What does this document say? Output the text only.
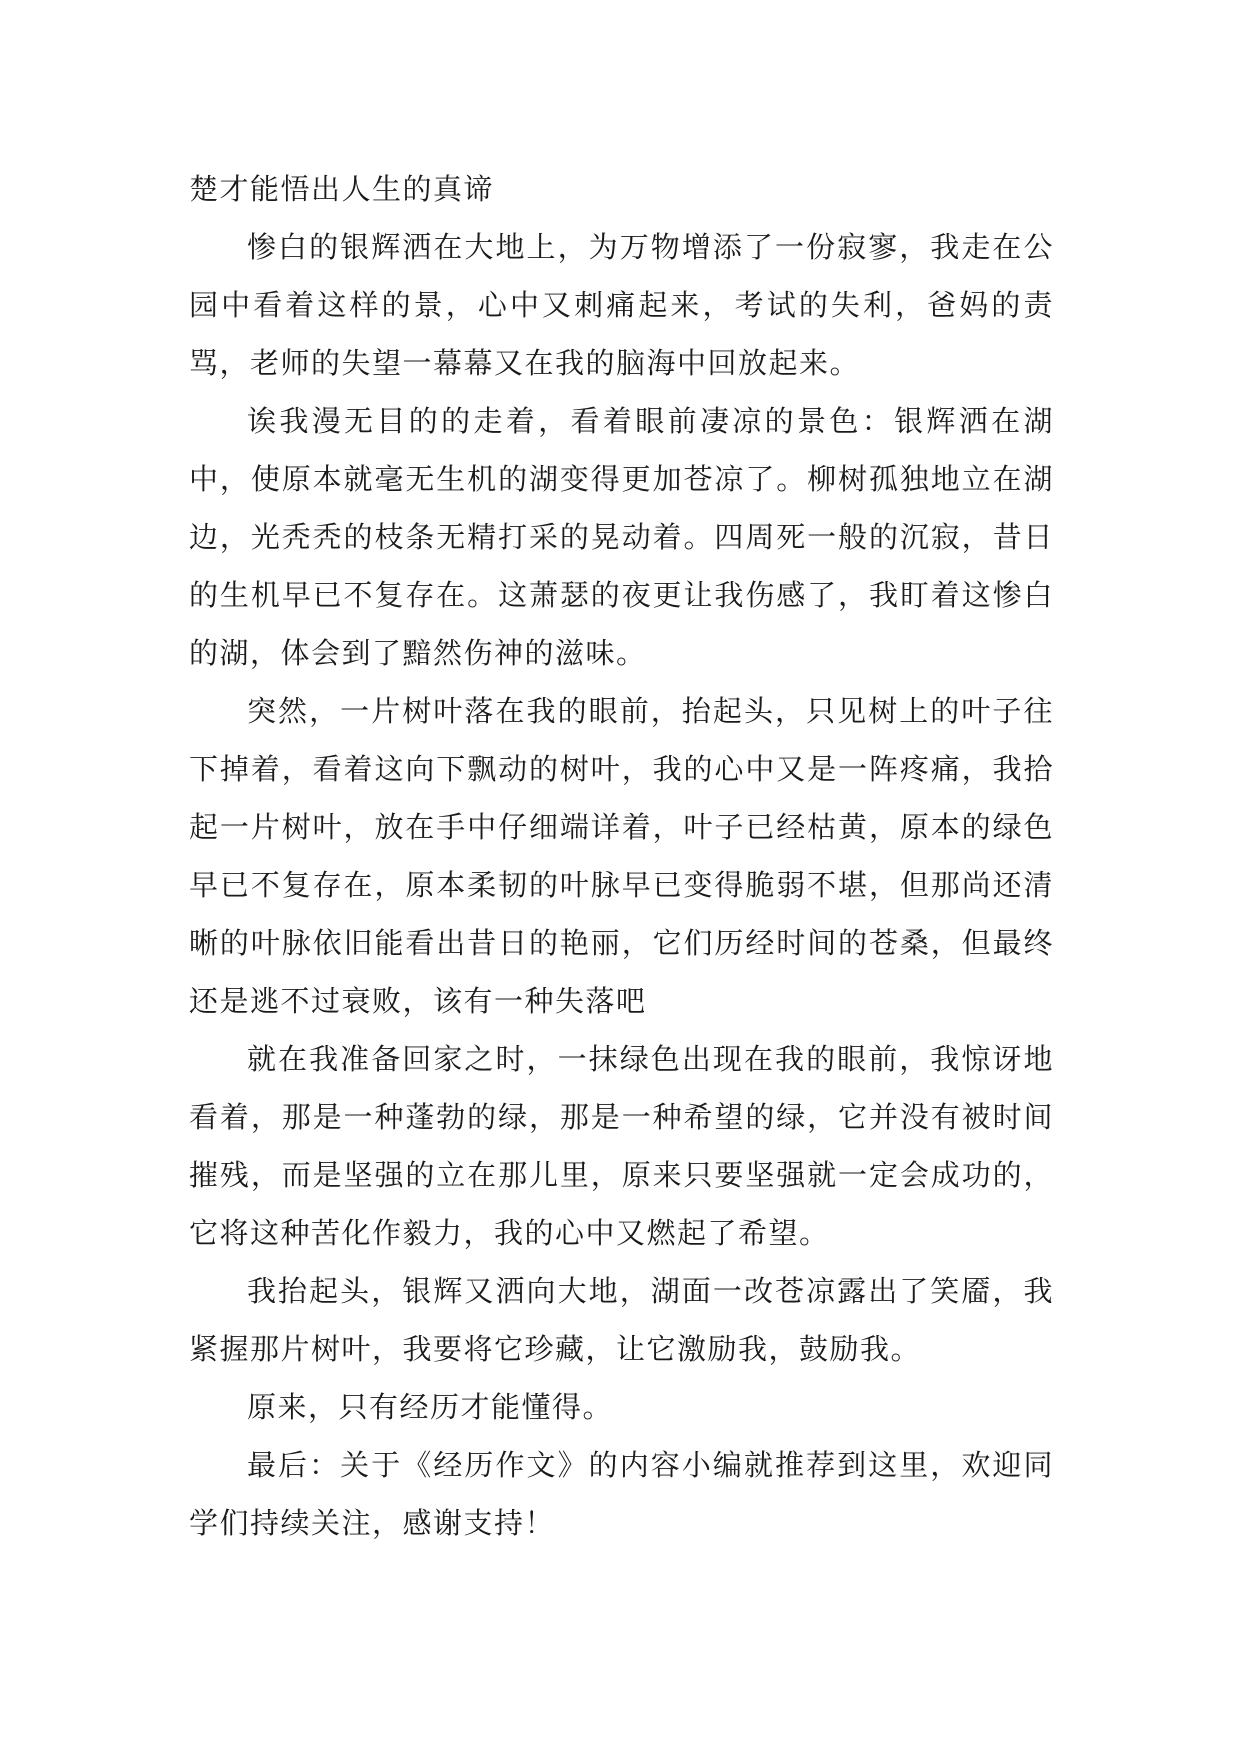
楚才能悟出人生的真谛

惨白的银辉洒在大地上，为万物增添了一份寂寥，我走在公园中看着这样的景，心中又刺痛起来，考试的失利，爸妈的责骂，老师的失望一幕幕又在我的脑海中回放起来。

诶我漫无目的的走着，看着眼前凄凉的景色：银辉洒在湖中，使原本就毫无生机的湖变得更加苍凉了。柳树孤独地立在湖边，光秃秃的枝条无精打采的晃动着。四周死一般的沉寂，昔日的生机早已不复存在。这萧瑟的夜更让我伤感了，我盯着这惨白的湖，体会到了黯然伤神的滋味。

突然，一片树叶落在我的眼前，抬起头，只见树上的叶子往下掉着，看着这向下飘动的树叶，我的心中又是一阵疼痛，我拾起一片树叶，放在手中仔细端详着，叶子已经枯黄，原本的绿色早已不复存在，原本柔韧的叶脉早已变得脆弱不堪，但那尚还清晰的叶脉依旧能看出昔日的艳丽，它们历经时间的苍桑，但最终还是逃不过衰败，该有一种失落吧

就在我准备回家之时，一抹绿色出现在我的眼前，我惊讶地看着，那是一种蓬勃的绿，那是一种希望的绿，它并没有被时间摧残，而是坚强的立在那儿里，原来只要坚强就一定会成功的，它将这种苦化作毅力，我的心中又燃起了希望。

我抬起头，银辉又洒向大地，湖面一改苍凉露出了笑靥，我紧握那片树叶，我要将它珍藏，让它激励我，鼓励我。

原来，只有经历才能懂得。

最后：关于《经历作文》的内容小编就推荐到这里，欢迎同学们持续关注，感谢支持！
